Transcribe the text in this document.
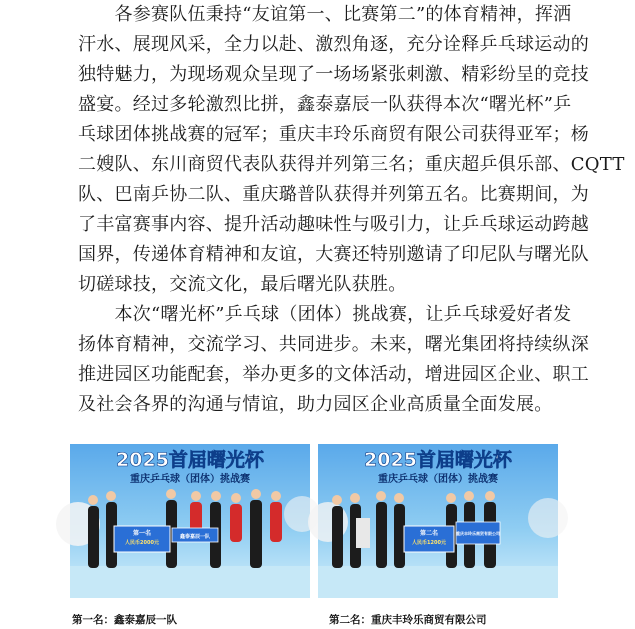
　　各参赛队伍秉持“友谊第一、比赛第二”的体育精神，挥洒
汗水、展现风采，全力以赴、激烈角逐，充分诠释乒乓球运动的
独特魅力，为现场观众呈现了一场场紧张刺激、精彩纷呈的竞技
盛宴。经过多轮激烈比拼，鑫泰嘉辰一队获得本次“曙光杯”乒
乓球团体挑战赛的冠军；重庆丰玲乐商贸有限公司获得亚军；杨
二嫂队、东川商贸代表队获得并列第三名；重庆超乒俱乐部、CQTT
队、巴南乒协二队、重庆璐普队获得并列第五名。比赛期间，为
了丰富赛事内容、提升活动趣味性与吸引力，让乒乓球运动跨越
国界，传递体育精神和友谊，大赛还特别邀请了印尼队与曙光队
切磋球技，交流文化，最后曙光队获胜。
　　本次“曙光杯”乒乓球（团体）挑战赛，让乒乓球爱好者发
扬体育精神，交流学习、共同进步。未来，曙光集团将持续纵深
推进园区功能配套，举办更多的文体活动，增进园区企业、职工
及社会各界的沟通与情谊，助力园区企业高质量全面发展。
2025首届曙光杯
重庆乒乓球（团体）挑战赛
第一名
人民币2000元
鑫泰嘉辰一队
2025首届曙光杯
重庆乒乓球（团体）挑战赛
第二名
人民币1200元
重庆丰玲乐商贸有限公司
第一名：鑫泰嘉辰一队	第二名：重庆丰玲乐商贸有限公司
